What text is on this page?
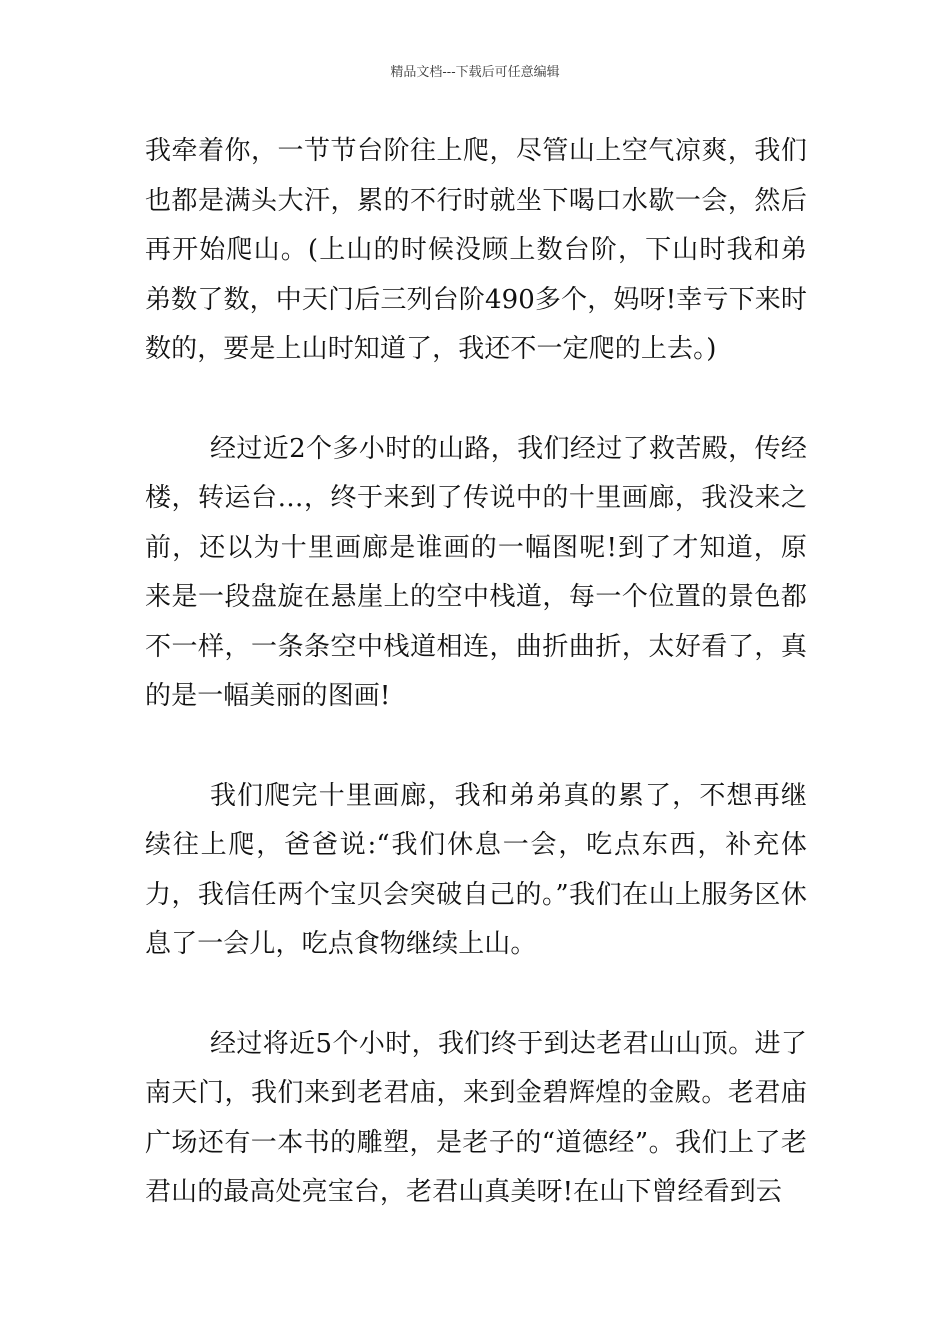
精品文档---下载后可任意编辑

我牵着你，一节节台阶往上爬，尽管山上空气凉爽，我们也都是满头大汗，累的不行时就坐下喝口水歇一会，然后再开始爬山。(上山的时候没顾上数台阶，下山时我和弟弟数了数，中天门后三列台阶490多个，妈呀!幸亏下来时数的，要是上山时知道了，我还不一定爬的上去。)

经过近2个多小时的山路，我们经过了救苦殿，传经楼，转运台…，终于来到了传说中的十里画廊，我没来之前，还以为十里画廊是谁画的一幅图呢!到了才知道，原来是一段盘旋在悬崖上的空中栈道，每一个位置的景色都不一样，一条条空中栈道相连，曲折曲折，太好看了，真的是一幅美丽的图画!

我们爬完十里画廊，我和弟弟真的累了，不想再继续往上爬，爸爸说:“我们休息一会，吃点东西，补充体力，我信任两个宝贝会突破自己的。”我们在山上服务区休息了一会儿，吃点食物继续上山。

经过将近5个小时，我们终于到达老君山山顶。进了南天门，我们来到老君庙，来到金碧辉煌的金殿。老君庙广场还有一本书的雕塑，是老子的“道德经”。我们上了老君山的最高处亮宝台，老君山真美呀!在山下曾经看到云
